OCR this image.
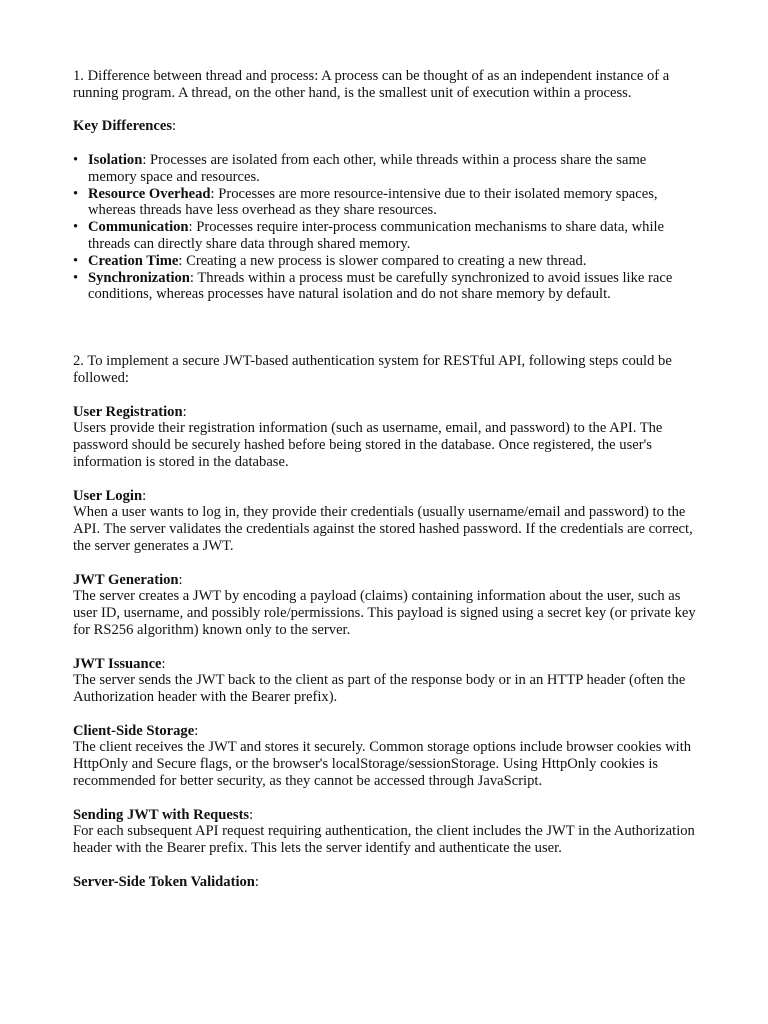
1. Difference between thread and process: A process can be thought of as an independent instance of a running program. A thread, on the other hand, is the smallest unit of execution within a process.

Key Differences:

• Isolation: Processes are isolated from each other, while threads within a process share the same memory space and resources.
• Resource Overhead: Processes are more resource-intensive due to their isolated memory spaces, whereas threads have less overhead as they share resources.
• Communication: Processes require inter-process communication mechanisms to share data, while threads can directly share data through shared memory.
• Creation Time: Creating a new process is slower compared to creating a new thread.
• Synchronization: Threads within a process must be carefully synchronized to avoid issues like race conditions, whereas processes have natural isolation and do not share memory by default.

2. To implement a secure JWT-based authentication system for RESTful API, following steps could be followed:

User Registration:

Users provide their registration information (such as username, email, and password) to the API. The password should be securely hashed before being stored in the database. Once registered, the user's information is stored in the database.

User Login:

When a user wants to log in, they provide their credentials (usually username/email and password) to the API. The server validates the credentials against the stored hashed password. If the credentials are correct, the server generates a JWT.

JWT Generation:

The server creates a JWT by encoding a payload (claims) containing information about the user, such as user ID, username, and possibly role/permissions. This payload is signed using a secret key (or private key for RS256 algorithm) known only to the server.

JWT Issuance:

The server sends the JWT back to the client as part of the response body or in an HTTP header (often the Authorization header with the Bearer prefix).

Client-Side Storage:

The client receives the JWT and stores it securely. Common storage options include browser cookies with HttpOnly and Secure flags, or the browser's localStorage/sessionStorage. Using HttpOnly cookies is recommended for better security, as they cannot be accessed through JavaScript.

Sending JWT with Requests:

For each subsequent API request requiring authentication, the client includes the JWT in the Authorization header with the Bearer prefix. This lets the server identify and authenticate the user.

Server-Side Token Validation:
